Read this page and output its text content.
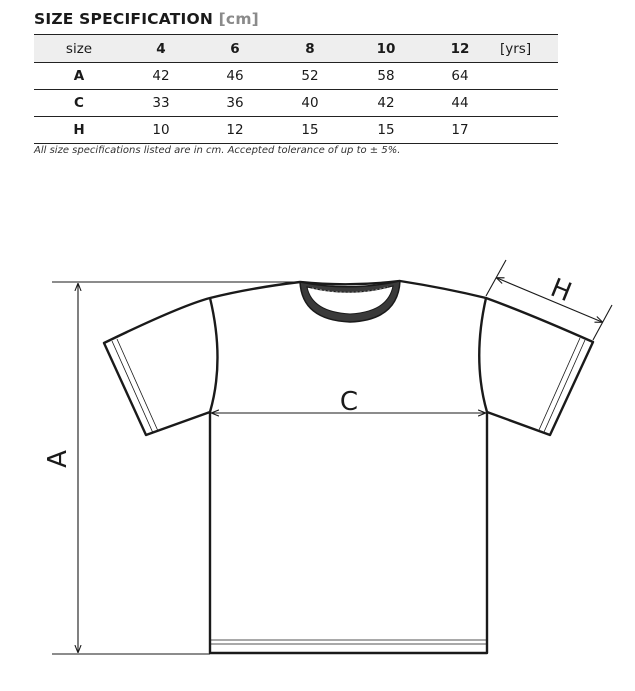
SIZE SPECIFICATION [cm]
size	4	6	8	10	12	[yrs]
A	42	46	52	58	64	
C	33	36	40	42	44	
H	10	12	15	15	17	
All size specifications listed are in cm. Accepted tolerance of up to ± 5%.
A
C
H
